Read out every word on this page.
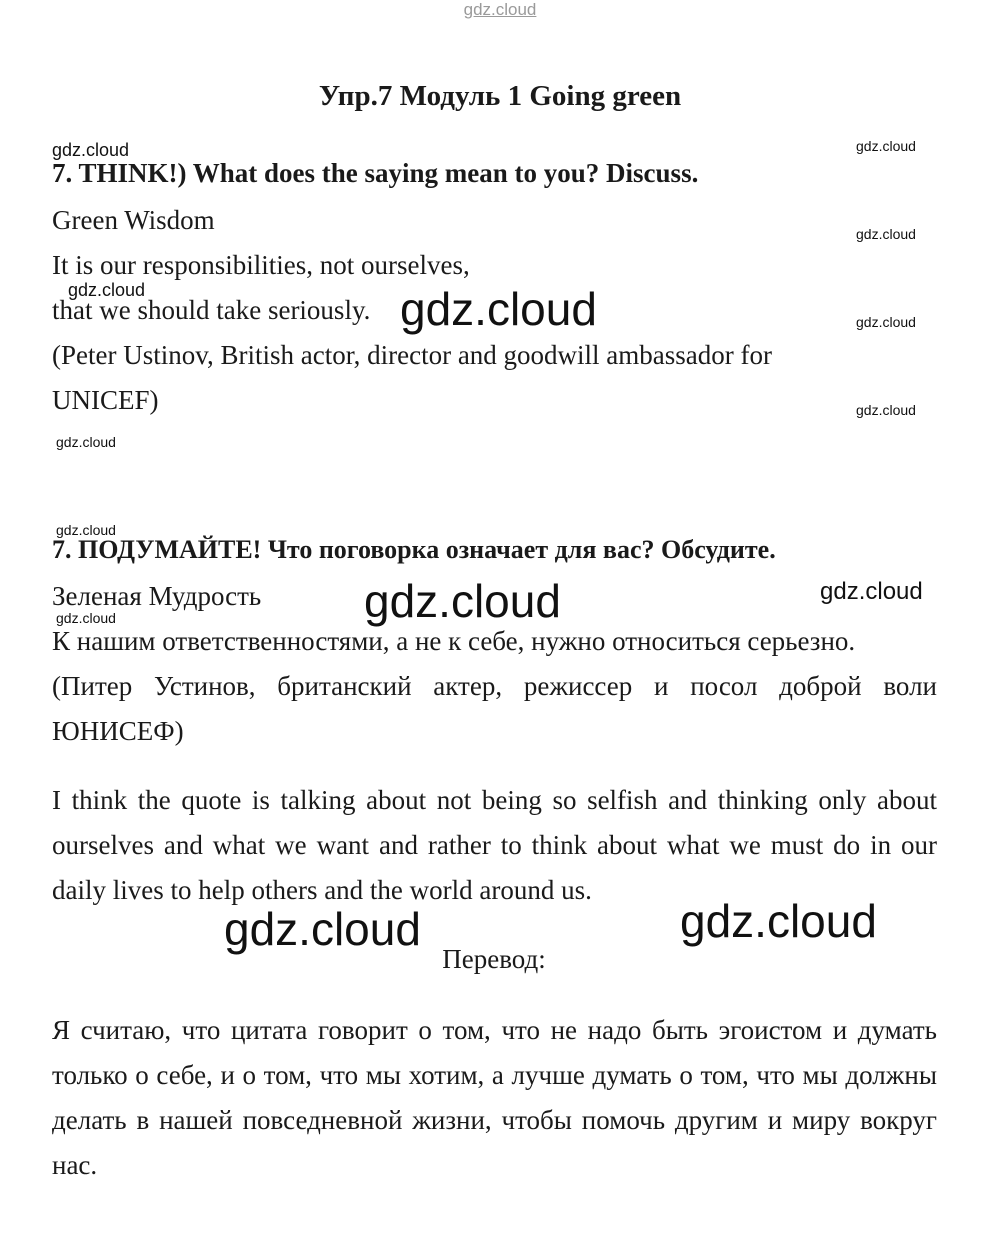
gdz.cloud
Упр.7 Модуль 1 Going green
7. THINK!) What does the saying mean to you? Discuss.
Green Wisdom
It is our responsibilities, not ourselves,
that we should take seriously.
(Peter Ustinov, British actor, director and goodwill ambassador for
UNICEF)
7. ПОДУМАЙТЕ! Что поговорка означает для вас? Обсудите.
Зеленая Мудрость
К нашим ответственностями, а не к себе, нужно относиться серьезно.
(Питер Устинов, британский актер, режиссер и посол доброй воли ЮНИСЕФ)
I think the quote is talking about not being so selfish and thinking only about ourselves and what we want and rather to think about what we must do in our daily lives to help others and the world around us.
Перевод:
Я считаю, что цитата говорит о том, что не надо быть эгоистом и думать только о себе, и о том, что мы хотим, а лучше думать о том, что мы должны делать в нашей повседневной жизни, чтобы помочь другим и миру вокруг нас.
gdz.cloud	gdz.cloud
gdz.cloud
gdz.cloud	gdz.cloud	gdz.cloud
gdz.cloud
gdz.cloud
gdz.cloud
gdz.cloud	gdz.cloud
gdz.cloud
gdz.cloud	gdz.cloud
